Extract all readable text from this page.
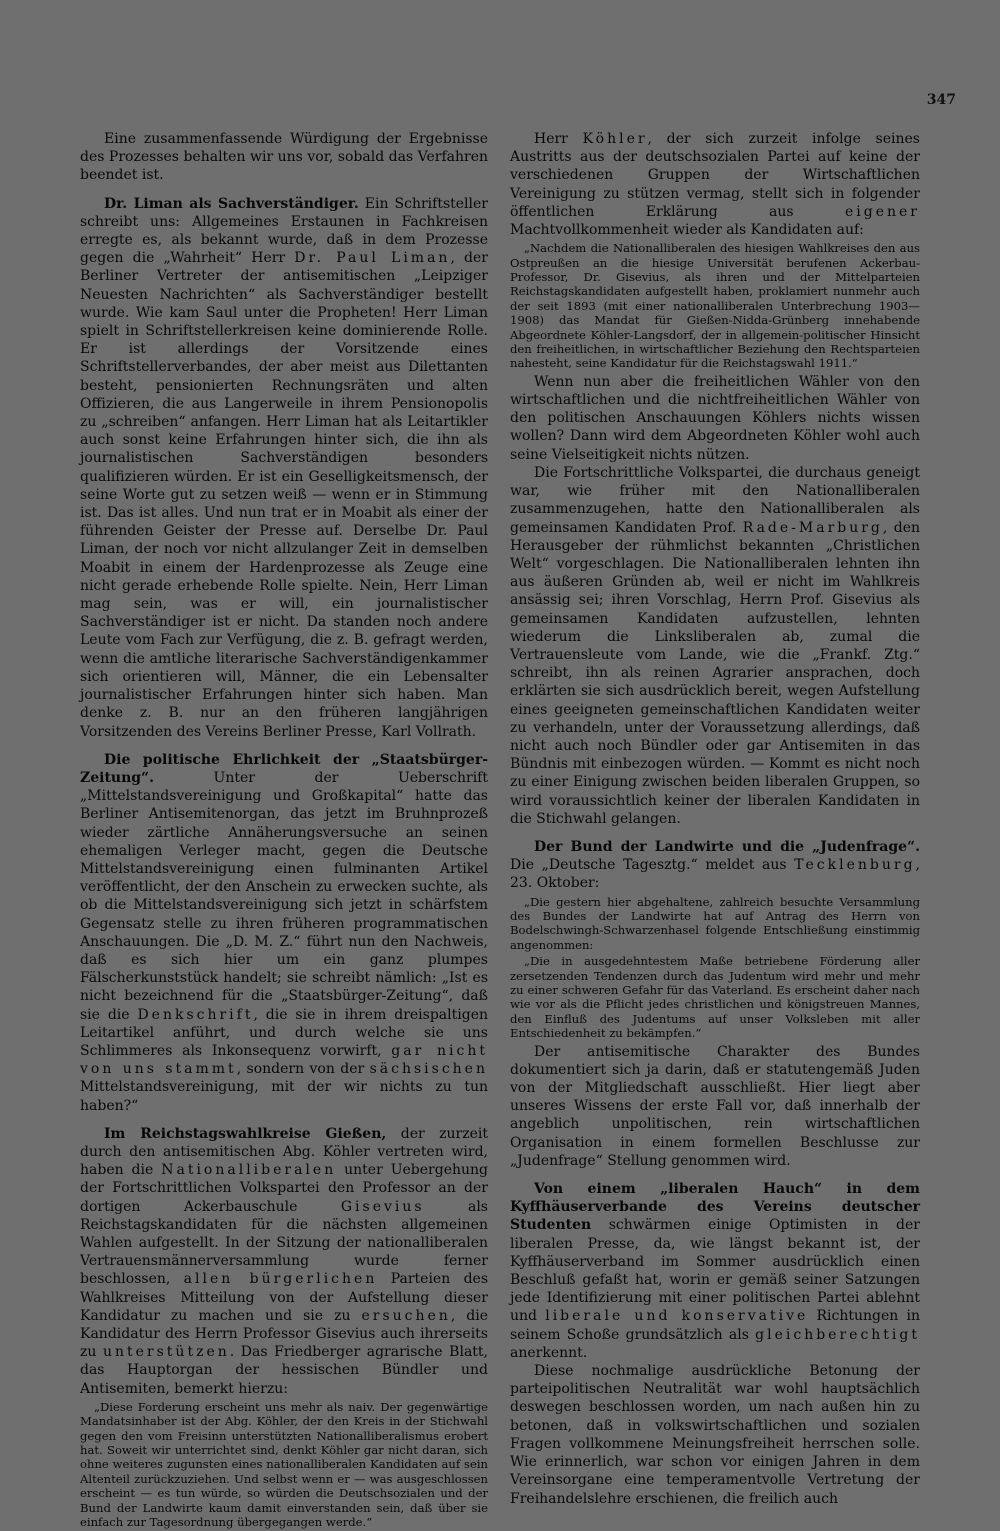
347

Eine zusammenfassende Würdigung der Ergebnisse des Prozesses behalten wir uns vor, sobald das Verfahren beendet ist.

Dr. Liman als Sachverständiger. Ein Schriftsteller schreibt uns: Allgemeines Erstaunen in Fachkreisen erregte es, als bekannt wurde, daß in dem Prozesse gegen die „Wahrheit“ Herr Dr. Paul Liman, der Berliner Vertreter der antisemitischen „Leipziger Neuesten Nachrichten“ als Sachverständiger bestellt wurde. Wie kam Saul unter die Propheten! Herr Liman spielt in Schriftstellerkreisen keine dominierende Rolle. Er ist allerdings der Vorsitzende eines Schriftstellerverbandes, der aber meist aus Dilettanten besteht, pensionierten Rechnungsräten und alten Offizieren, die aus Langerweile in ihrem Pensionopolis zu „schreiben“ anfangen. Herr Liman hat als Leitartikler auch sonst keine Erfahrungen hinter sich, die ihn als journalistischen Sachverständigen besonders qualifizieren würden. Er ist ein Geselligkeitsmensch, der seine Worte gut zu setzen weiß — wenn er in Stimmung ist. Das ist alles. Und nun trat er in Moabit als einer der führenden Geister der Presse auf. Derselbe Dr. Paul Liman, der noch vor nicht allzulanger Zeit in demselben Moabit in einem der Hardenprozesse als Zeuge eine nicht gerade erhebende Rolle spielte. Nein, Herr Liman mag sein, was er will, ein journalistischer Sachverständiger ist er nicht. Da standen noch andere Leute vom Fach zur Verfügung, die z. B. gefragt werden, wenn die amtliche literarische Sachverständigenkammer sich orientieren will, Männer, die ein Lebensalter journalistischer Erfahrungen hinter sich haben. Man denke z. B. nur an den früheren langjährigen Vorsitzenden des Vereins Berliner Presse, Karl Vollrath.

Die politische Ehrlichkeit der „Staatsbürger-Zeitung“. Unter der Ueberschrift „Mittelstandsvereinigung und Großkapital“ hatte das Berliner Antisemitenorgan, das jetzt im Bruhnprozeß wieder zärtliche Annäherungsversuche an seinen ehemaligen Verleger macht, gegen die Deutsche Mittelstandsvereinigung einen fulminanten Artikel veröffentlicht, der den Anschein zu erwecken suchte, als ob die Mittelstandsvereinigung sich jetzt in schärfstem Gegensatz stelle zu ihren früheren programmatischen Anschauungen. Die „D. M. Z.“ führt nun den Nachweis, daß es sich hier um ein ganz plumpes Fälscherkunststück handelt; sie schreibt nämlich: „Ist es nicht bezeichnend für die „Staatsbürger-Zeitung“, daß sie die Denkschrift, die sie in ihrem dreispaltigen Leitartikel anführt, und durch welche sie uns Schlimmeres als Inkonsequenz vorwirft, gar nicht von uns stammt, sondern von der sächsischen Mittelstandsvereinigung, mit der wir nichts zu tun haben?“

Im Reichstagswahlkreise Gießen, der zurzeit durch den antisemitischen Abg. Köhler vertreten wird, haben die Nationalliberalen unter Uebergehung der Fortschrittlichen Volkspartei den Professor an der dortigen Ackerbauschule Gisevius als Reichstagskandidaten für die nächsten allgemeinen Wahlen aufgestellt. In der Sitzung der nationalliberalen Vertrauensmännerversammlung wurde ferner beschlossen, allen bürgerlichen Parteien des Wahlkreises Mitteilung von der Aufstellung dieser Kandidatur zu machen und sie zu ersuchen, die Kandidatur des Herrn Professor Gisevius auch ihrerseits zu unterstützen. Das Friedberger agrarische Blatt, das Hauptorgan der hessischen Bündler und Antisemiten, bemerkt hierzu:

„Diese Forderung erscheint uns mehr als naiv. Der gegenwärtige Mandatsinhaber ist der Abg. Köhler, der den Kreis in der Stichwahl gegen den vom Freisinn unterstützten Nationalliberalismus erobert hat. Soweit wir unterrichtet sind, denkt Köhler gar nicht daran, sich ohne weiteres zugunsten eines nationalliberalen Kandidaten auf sein Altenteil zurückzuziehen. Und selbst wenn er — was ausgeschlossen erscheint — es tun würde, so würden die Deutschsozialen und der Bund der Landwirte kaum damit einverstanden sein, daß über sie einfach zur Tagesordnung übergegangen werde.“

Herr Köhler, der sich zurzeit infolge seines Austritts aus der deutschsozialen Partei auf keine der verschiedenen Gruppen der Wirtschaftlichen Vereinigung zu stützen vermag, stellt sich in folgender öffentlichen Erklärung aus eigener Machtvollkommenheit wieder als Kandidaten auf:

„Nachdem die Nationalliberalen des hiesigen Wahlkreises den aus Ostpreußen an die hiesige Universität berufenen Ackerbau-Professor, Dr. Gisevius, als ihren und der Mittelparteien Reichstagskandidaten aufgestellt haben, proklamiert nunmehr auch der seit 1893 (mit einer nationalliberalen Unterbrechung 1903—1908) das Mandat für Gießen-Nidda-Grünberg innehabende Abgeordnete Köhler-Langsdorf, der in allgemein-politischer Hinsicht den freiheitlichen, in wirtschaftlicher Beziehung den Rechtsparteien nahesteht, seine Kandidatur für die Reichstagswahl 1911.“

Wenn nun aber die freiheitlichen Wähler von den wirtschaftlichen und die nichtfreiheitlichen Wähler von den politischen Anschauungen Köhlers nichts wissen wollen? Dann wird dem Abgeordneten Köhler wohl auch seine Vielseitigkeit nichts nützen.

Die Fortschrittliche Volkspartei, die durchaus geneigt war, wie früher mit den Nationalliberalen zusammenzugehen, hatte den Nationalliberalen als gemeinsamen Kandidaten Prof. Rade-Marburg, den Herausgeber der rühmlichst bekannten „Christlichen Welt“ vorgeschlagen. Die Nationalliberalen lehnten ihn aus äußeren Gründen ab, weil er nicht im Wahlkreis ansässig sei; ihren Vorschlag, Herrn Prof. Gisevius als gemeinsamen Kandidaten aufzustellen, lehnten wiederum die Linksliberalen ab, zumal die Vertrauensleute vom Lande, wie die „Frankf. Ztg.“ schreibt, ihn als reinen Agrarier ansprachen, doch erklärten sie sich ausdrücklich bereit, wegen Aufstellung eines geeigneten gemeinschaftlichen Kandidaten weiter zu verhandeln, unter der Voraussetzung allerdings, daß nicht auch noch Bündler oder gar Antisemiten in das Bündnis mit einbezogen würden. — Kommt es nicht noch zu einer Einigung zwischen beiden liberalen Gruppen, so wird voraussichtlich keiner der liberalen Kandidaten in die Stichwahl gelangen.

Der Bund der Landwirte und die „Judenfrage“. Die „Deutsche Tagesztg.“ meldet aus Tecklenburg, 23. Oktober:

„Die gestern hier abgehaltene, zahlreich besuchte Versammlung des Bundes der Landwirte hat auf Antrag des Herrn von Bodelschwingh-Schwarzenhasel folgende Entschließung einstimmig angenommen:

„Die in ausgedehntestem Maße betriebene Förderung aller zersetzenden Tendenzen durch das Judentum wird mehr und mehr zu einer schweren Gefahr für das Vaterland. Es erscheint daher nach wie vor als die Pflicht jedes christlichen und königstreuen Mannes, den Einfluß des Judentums auf unser Volksleben mit aller Entschiedenheit zu bekämpfen.“

Der antisemitische Charakter des Bundes dokumentiert sich ja darin, daß er statutengemäß Juden von der Mitgliedschaft ausschließt. Hier liegt aber unseres Wissens der erste Fall vor, daß innerhalb der angeblich unpolitischen, rein wirtschaftlichen Organisation in einem formellen Beschlusse zur „Judenfrage“ Stellung genommen wird.

Von einem „liberalen Hauch“ in dem Kyffhäuserverbande des Vereins deutscher Studenten schwärmen einige Optimisten in der liberalen Presse, da, wie längst bekannt ist, der Kyffhäuserverband im Sommer ausdrücklich einen Beschluß gefaßt hat, worin er gemäß seiner Satzungen jede Identifizierung mit einer politischen Partei ablehnt und liberale und konservative Richtungen in seinem Schoße grundsätzlich als gleichberechtigt anerkennt.

Diese nochmalige ausdrückliche Betonung der parteipolitischen Neutralität war wohl hauptsächlich deswegen beschlossen worden, um nach außen hin zu betonen, daß in volkswirtschaftlichen und sozialen Fragen vollkommene Meinungsfreiheit herrschen solle. Wie erinnerlich, war schon vor einigen Jahren in dem Vereinsorgane eine temperamentvolle Vertretung der Freihandelslehre erschienen, die freilich auch
